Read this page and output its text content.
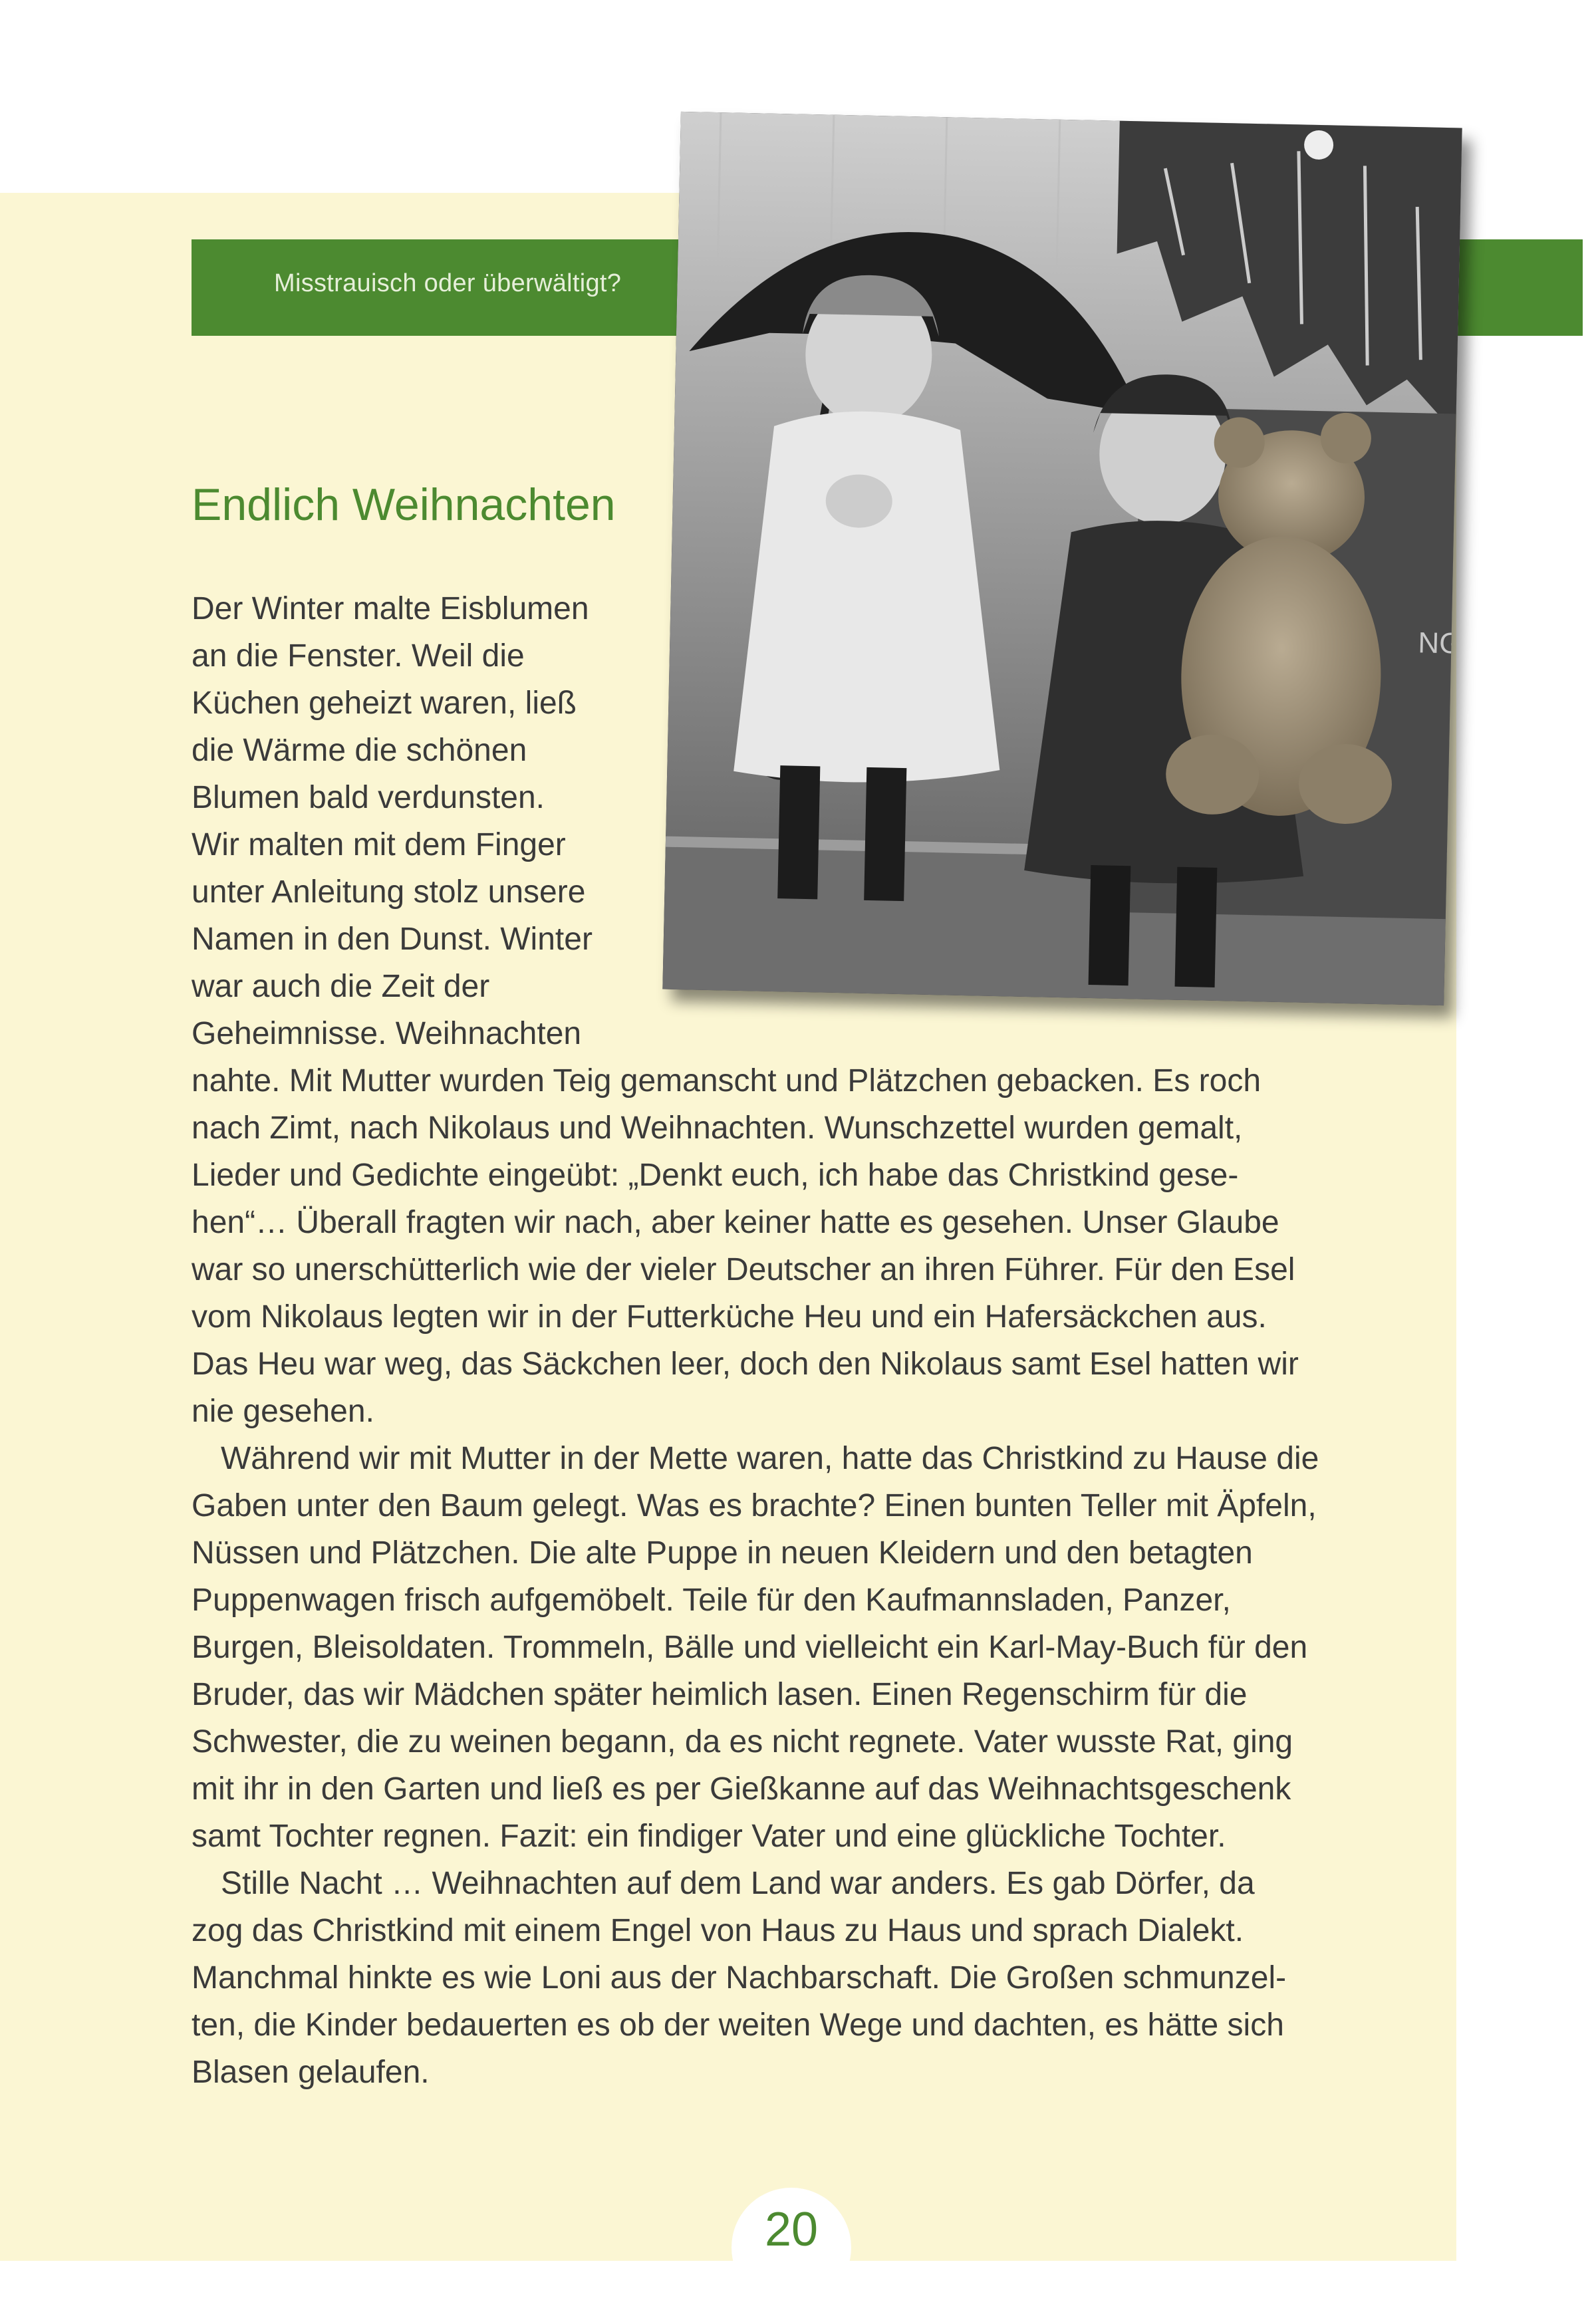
Misstrauisch oder überwältigt?
Endlich Weihnachten
NG
Der Winter malte Eisblumen
an die Fenster. Weil die
Küchen geheizt waren, ließ
die Wärme die schönen
Blumen bald verdunsten.
Wir malten mit dem Finger
unter Anleitung stolz unsere
Namen in den Dunst. Winter
war auch die Zeit der
Geheimnisse. Weihnachten
nahte. Mit Mutter wurden Teig gemanscht und Plätzchen gebacken. Es roch
nach Zimt, nach Nikolaus und Weihnachten. Wunschzettel wurden gemalt,
Lieder und Gedichte eingeübt: „Denkt euch, ich habe das Christkind gese-
hen“… Überall fragten wir nach, aber keiner hatte es gesehen. Unser Glaube
war so unerschütterlich wie der vieler Deutscher an ihren Führer. Für den Esel
vom Nikolaus legten wir in der Futterküche Heu und ein Hafersäckchen aus.
Das Heu war weg, das Säckchen leer, doch den Nikolaus samt Esel hatten wir
nie gesehen.
Während wir mit Mutter in der Mette waren, hatte das Christkind zu Hause die
Gaben unter den Baum gelegt. Was es brachte? Einen bunten Teller mit Äpfeln,
Nüssen und Plätzchen. Die alte Puppe in neuen Kleidern und den betagten
Puppenwagen frisch aufgemöbelt. Teile für den Kaufmannsladen, Panzer,
Burgen, Bleisoldaten. Trommeln, Bälle und vielleicht ein Karl-May-Buch für den
Bruder, das wir Mädchen später heimlich lasen. Einen Regenschirm für die
Schwester, die zu weinen begann, da es nicht regnete. Vater wusste Rat, ging
mit ihr in den Garten und ließ es per Gießkanne auf das Weihnachtsgeschenk
samt Tochter regnen. Fazit: ein findiger Vater und eine glückliche Tochter.
Stille Nacht … Weihnachten auf dem Land war anders. Es gab Dörfer, da
zog das Christkind mit einem Engel von Haus zu Haus und sprach Dialekt.
Manchmal hinkte es wie Loni aus der Nachbarschaft. Die Großen schmunzel-
ten, die Kinder bedauerten es ob der weiten Wege und dachten, es hätte sich
Blasen gelaufen.
20
